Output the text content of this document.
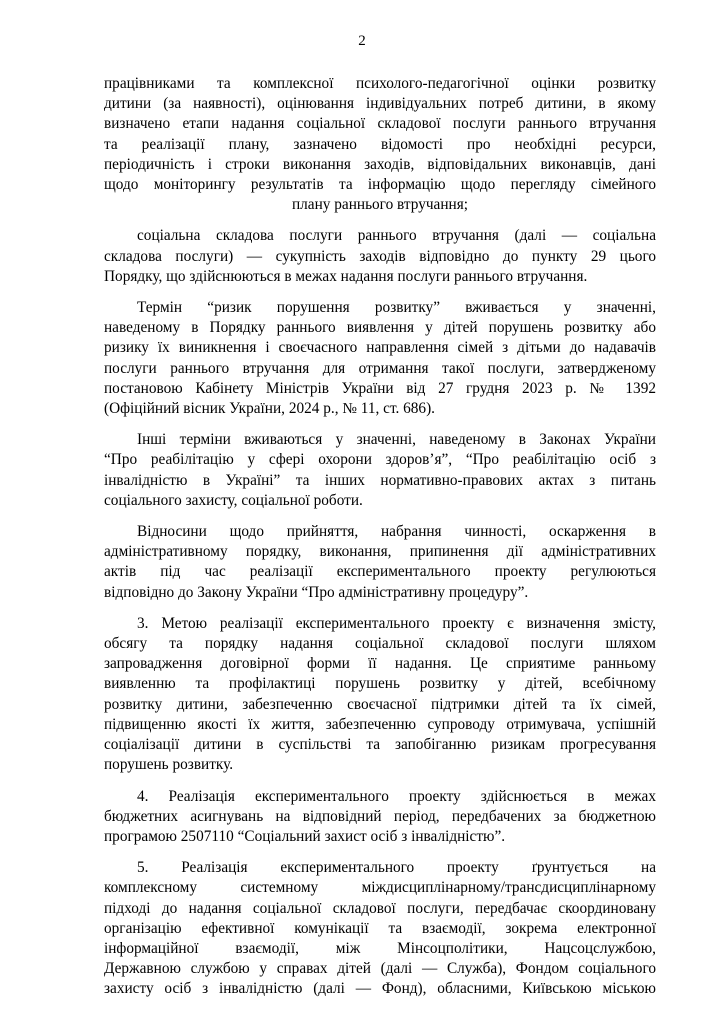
2
працівниками та комплексної психолого-педагогічної оцінки розвитку
дитини (за наявності), оцінювання індивідуальних потреб дитини, в якому
визначено етапи надання соціальної складової послуги раннього втручання
та реалізації плану, зазначено відомості про необхідні ресурси,
періодичність і строки виконання заходів, відповідальних виконавців, дані
щодо моніторингу результатів та інформацію щодо перегляду сімейного
плану раннього втручання;
соціальна складова послуги раннього втручання (далі — соціальна
складова послуги) — сукупність заходів відповідно до пункту 29 цього
Порядку, що здійснюються в межах надання послуги раннього втручання.
Термін “ризик порушення розвитку” вживається у значенні,
наведеному в Порядку раннього виявлення у дітей порушень розвитку або
ризику їх виникнення і своєчасного направлення сімей з дітьми до надавачів
послуги раннього втручання для отримання такої послуги, затвердженому
постановою Кабінету Міністрів України від 27 грудня 2023 р. № 1392
(Офіційний вісник України, 2024 р., № 11, ст. 686).
Інші терміни вживаються у значенні, наведеному в Законах України
“Про реабілітацію у сфері охорони здоров’я”, “Про реабілітацію осіб з
інвалідністю в Україні” та інших нормативно-правових актах з питань
соціального захисту, соціальної роботи.
Відносини щодо прийняття, набрання чинності, оскарження в
адміністративному порядку, виконання, припинення дії адміністративних
актів під час реалізації експериментального проекту регулюються
відповідно до Закону України “Про адміністративну процедуру”.
3. Метою реалізації експериментального проекту є визначення змісту,
обсягу та порядку надання соціальної складової послуги шляхом
запровадження договірної форми її надання. Це сприятиме ранньому
виявленню та профілактиці порушень розвитку у дітей, всебічному
розвитку дитини, забезпеченню своєчасної підтримки дітей та їх сімей,
підвищенню якості їх життя, забезпеченню супроводу отримувача, успішній
соціалізації дитини в суспільстві та запобіганню ризикам прогресування
порушень розвитку.
4. Реалізація експериментального проекту здійснюється в межах
бюджетних асигнувань на відповідний період, передбачених за бюджетною
програмою 2507110 “Соціальний захист осіб з інвалідністю”.
5. Реалізація експериментального проекту ґрунтується на
комплексному системному міждисциплінарному/трансдисциплінарному
підході до надання соціальної складової послуги, передбачає скоординовану
організацію ефективної комунікації та взаємодії, зокрема електронної
інформаційної взаємодії, між Мінсоцполітики, Нацсоцслужбою,
Державною службою у справах дітей (далі — Служба), Фондом соціального
захисту осіб з інвалідністю (далі — Фонд), обласними, Київською міською
